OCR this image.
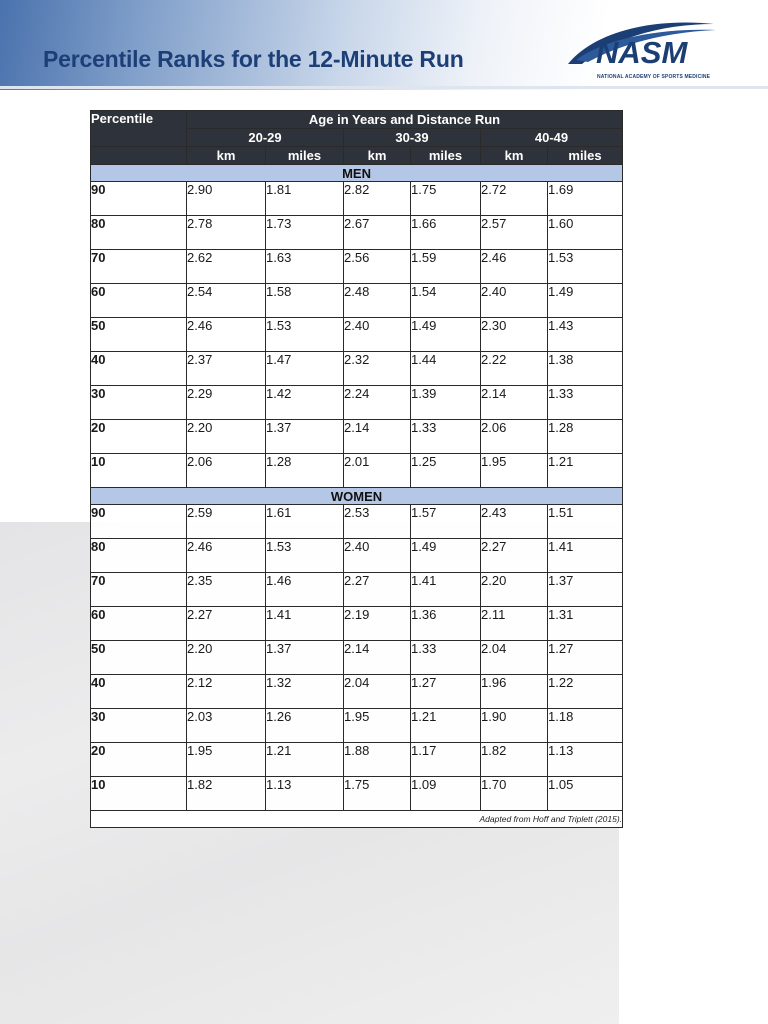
Percentile Ranks for the 12-Minute Run	NASM
NATIONAL ACADEMY OF SPORTS MEDICINE
Percentile	Age in Years and Distance Run					
	20-29		30-39		40-49	
	km	miles	km	miles	km	miles
MEN						
90	2.90	1.81	2.82	1.75	2.72	1.69
80	2.78	1.73	2.67	1.66	2.57	1.60
70	2.62	1.63	2.56	1.59	2.46	1.53
60	2.54	1.58	2.48	1.54	2.40	1.49
50	2.46	1.53	2.40	1.49	2.30	1.43
40	2.37	1.47	2.32	1.44	2.22	1.38
30	2.29	1.42	2.24	1.39	2.14	1.33
20	2.20	1.37	2.14	1.33	2.06	1.28
10	2.06	1.28	2.01	1.25	1.95	1.21
WOMEN						
90	2.59	1.61	2.53	1.57	2.43	1.51
80	2.46	1.53	2.40	1.49	2.27	1.41
70	2.35	1.46	2.27	1.41	2.20	1.37
60	2.27	1.41	2.19	1.36	2.11	1.31
50	2.20	1.37	2.14	1.33	2.04	1.27
40	2.12	1.32	2.04	1.27	1.96	1.22
30	2.03	1.26	1.95	1.21	1.90	1.18
20	1.95	1.21	1.88	1.17	1.82	1.13
10	1.82	1.13	1.75	1.09	1.70	1.05
Adapted from Hoff and Triplett (2015).						
